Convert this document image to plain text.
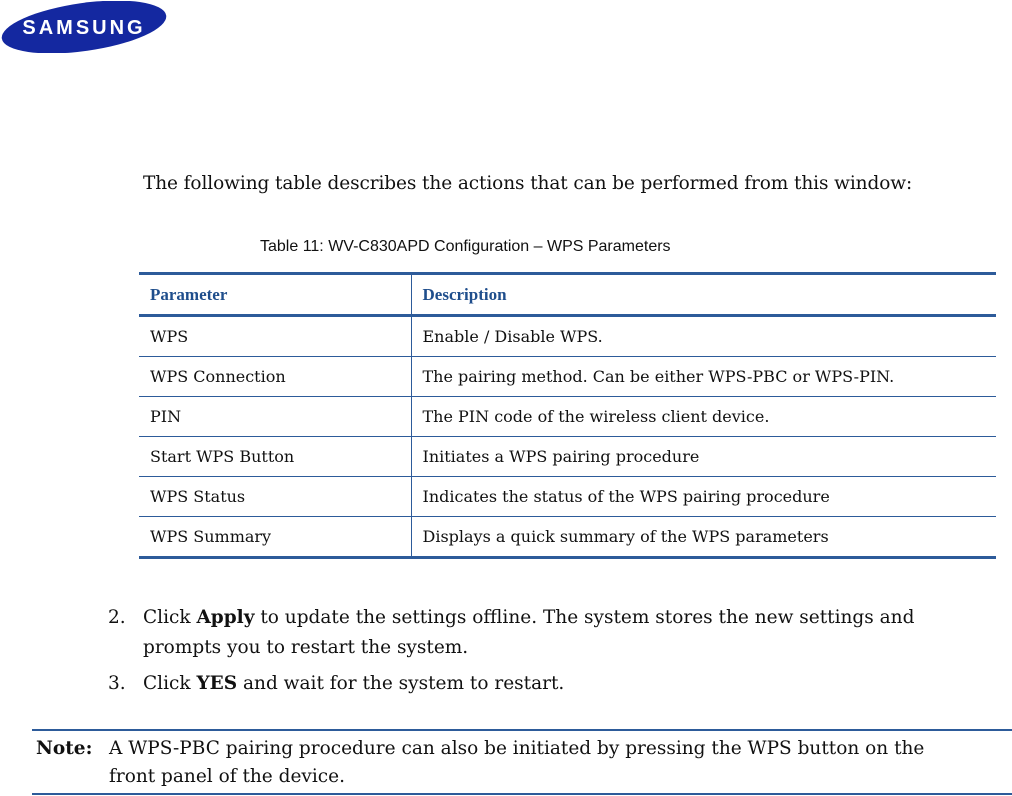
SAMSUNG
The following table describes the actions that can be performed from this window:
Table 11: WV-C830APD Configuration – WPS Parameters
Parameter	Description
WPS	Enable / Disable WPS.
WPS Connection	The pairing method. Can be either WPS-PBC or WPS-PIN.
PIN	The PIN code of the wireless client device.
Start WPS Button	Initiates a WPS pairing procedure
WPS Status	Indicates the status of the WPS pairing procedure
WPS Summary	Displays a quick summary of the WPS parameters
2. Click Apply to update the settings offline. The system stores the new settings and prompts you to restart the system.
3. Click YES and wait for the system to restart.
Note: A WPS-PBC pairing procedure can also be initiated by pressing the WPS button on the front panel of the device.
